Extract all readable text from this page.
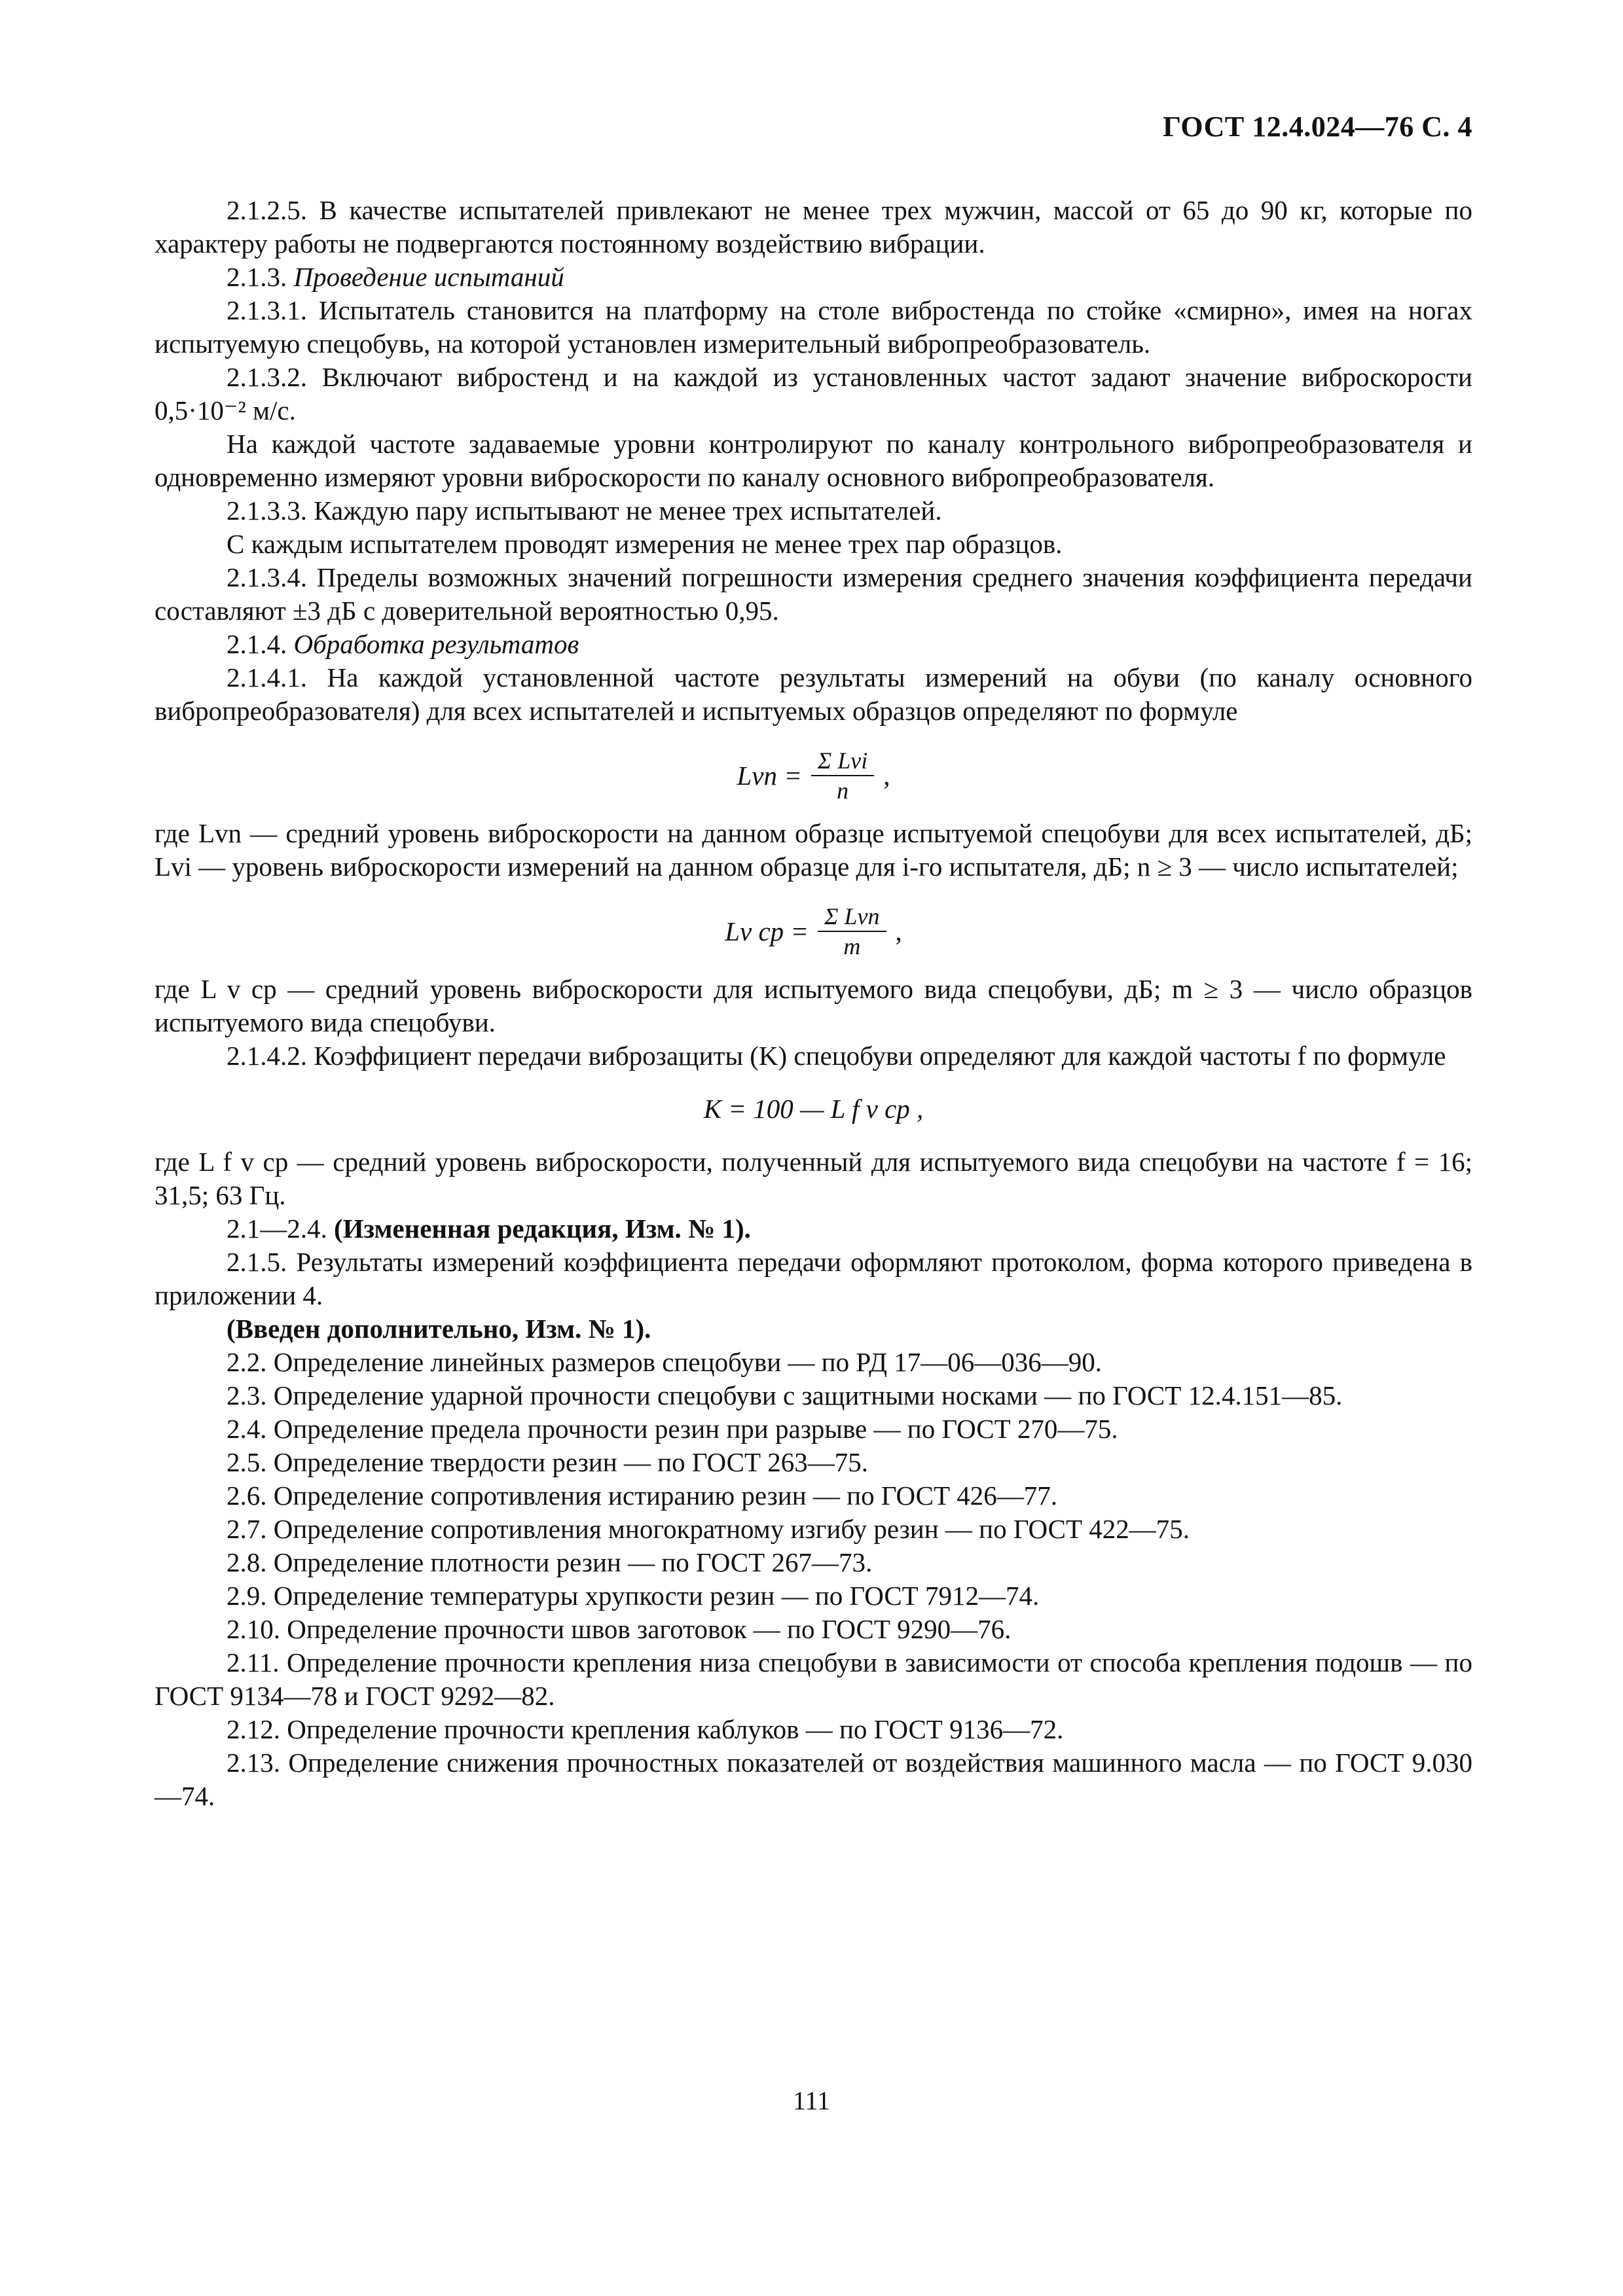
ГОСТ 12.4.024—76 С. 4

2.1.2.5. В качестве испытателей привлекают не менее трех мужчин, массой от 65 до 90 кг, которые по характеру работы не подвергаются постоянному воздействию вибрации.

2.1.3. Проведение испытаний

2.1.3.1. Испытатель становится на платформу на столе вибростенда по стойке «смирно», имея на ногах испытуемую спецобувь, на которой установлен измерительный вибропреобразователь.

2.1.3.2. Включают вибростенд и на каждой из установленных частот задают значение виброскорости 0,5·10⁻² м/с.

На каждой частоте задаваемые уровни контролируют по каналу контрольного вибропреобразователя и одновременно измеряют уровни виброскорости по каналу основного вибропреобразователя.

2.1.3.3. Каждую пару испытывают не менее трех испытателей.

С каждым испытателем проводят измерения не менее трех пар образцов.

2.1.3.4. Пределы возможных значений погрешности измерения среднего значения коэффициента передачи составляют ±3 дБ с доверительной вероятностью 0,95.

2.1.4. Обработка результатов

2.1.4.1. На каждой установленной частоте результаты измерений на обуви (по каналу основного вибропреобразователя) для всех испытателей и испытуемых образцов определяют по формуле

Lvn = $\frac{\text{Σ Lvi}}{n}$ ,

где Lvn — средний уровень виброскорости на данном образце испытуемой спецобуви для всех испытателей, дБ; Lvi — уровень виброскорости измерений на данном образце для i-го испытателя, дБ; n ≥ 3 — число испытателей;

Lv ср = $\frac{\text{Σ Lvn}}{m}$ ,

где L v ср — средний уровень виброскорости для испытуемого вида спецобуви, дБ; m ≥ 3 — число образцов испытуемого вида спецобуви.

2.1.4.2. Коэффициент передачи виброзащиты (K) спецобуви определяют для каждой частоты f по формуле

K = 100 — L f v ср ,

где L f v ср — средний уровень виброскорости, полученный для испытуемого вида спецобуви на частоте f = 16; 31,5; 63 Гц.

2.1—2.4. (Измененная редакция, Изм. № 1).

2.1.5. Результаты измерений коэффициента передачи оформляют протоколом, форма которого приведена в приложении 4.

(Введен дополнительно, Изм. № 1).

2.2. Определение линейных размеров спецобуви — по РД 17—06—036—90.

2.3. Определение ударной прочности спецобуви с защитными носками — по ГОСТ 12.4.151—85.

2.4. Определение предела прочности резин при разрыве — по ГОСТ 270—75.

2.5. Определение твердости резин — по ГОСТ 263—75.

2.6. Определение сопротивления истиранию резин — по ГОСТ 426—77.

2.7. Определение сопротивления многократному изгибу резин — по ГОСТ 422—75.

2.8. Определение плотности резин — по ГОСТ 267—73.

2.9. Определение температуры хрупкости резин — по ГОСТ 7912—74.

2.10. Определение прочности швов заготовок — по ГОСТ 9290—76.

2.11. Определение прочности крепления низа спецобуви в зависимости от способа крепления подошв — по ГОСТ 9134—78 и ГОСТ 9292—82.

2.12. Определение прочности крепления каблуков — по ГОСТ 9136—72.

2.13. Определение снижения прочностных показателей от воздействия машинного масла — по ГОСТ 9.030—74.

111
